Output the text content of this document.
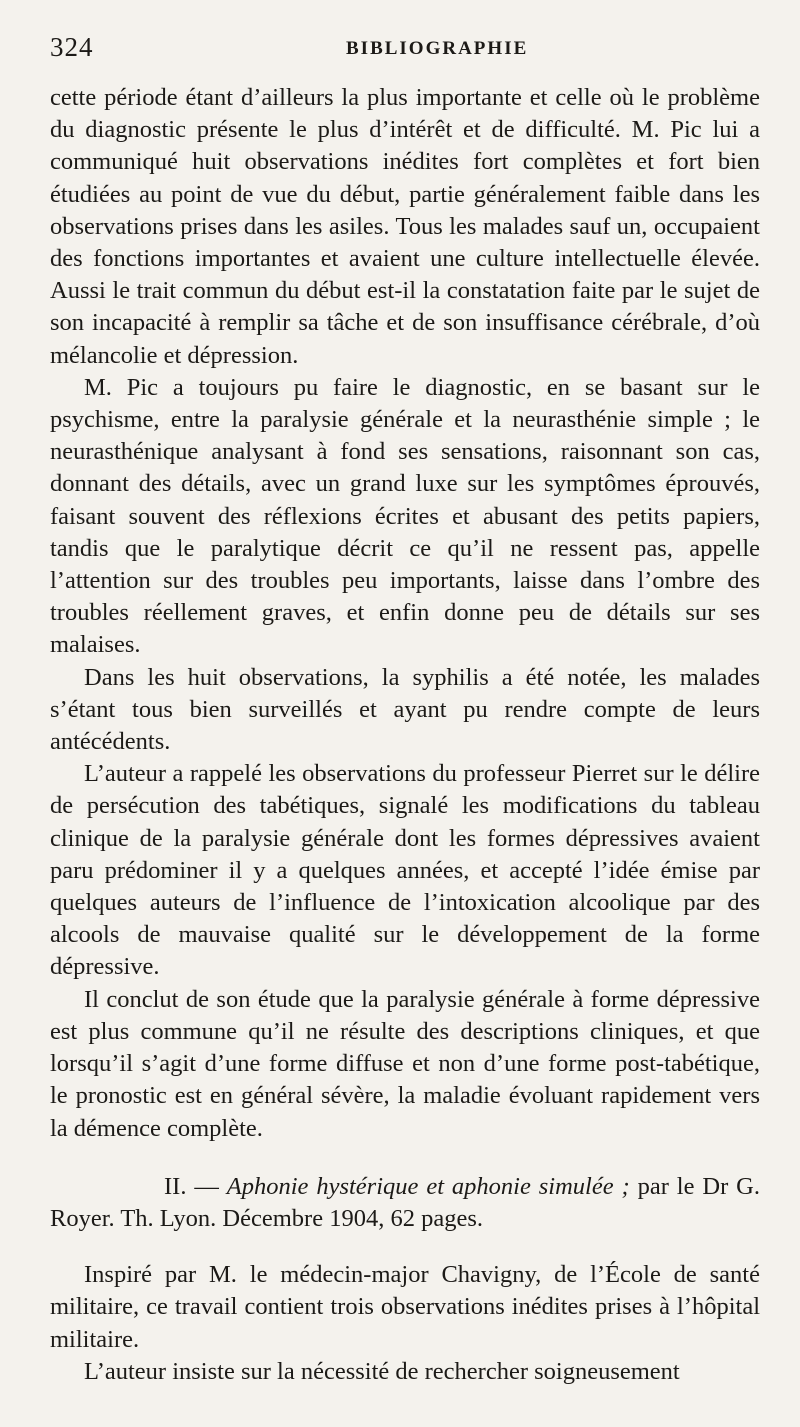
324	BIBLIOGRAPHIE

cette période étant d’ailleurs la plus importante et celle où le problème du diagnostic présente le plus d’intérêt et de difficulté. M. Pic lui a communiqué huit observations inédites fort complètes et fort bien étudiées au point de vue du début, partie généralement faible dans les observations prises dans les asiles. Tous les malades sauf un, occupaient des fonctions importantes et avaient une culture intellectuelle élevée. Aussi le trait commun du début est-il la constatation faite par le sujet de son incapacité à remplir sa tâche et de son insuffisance cérébrale, d’où mélancolie et dépression.

M. Pic a toujours pu faire le diagnostic, en se basant sur le psychisme, entre la paralysie générale et la neurasthénie simple ; le neurasthénique analysant à fond ses sensations, raisonnant son cas, donnant des détails, avec un grand luxe sur les symptômes éprouvés, faisant souvent des réflexions écrites et abusant des petits papiers, tandis que le paralytique décrit ce qu’il ne ressent pas, appelle l’attention sur des troubles peu importants, laisse dans l’ombre des troubles réellement graves, et enfin donne peu de détails sur ses malaises.

Dans les huit observations, la syphilis a été notée, les malades s’étant tous bien surveillés et ayant pu rendre compte de leurs antécédents.

L’auteur a rappelé les observations du professeur Pierret sur le délire de persécution des tabétiques, signalé les modifications du tableau clinique de la paralysie générale dont les formes dépressives avaient paru prédominer il y a quelques années, et accepté l’idée émise par quelques auteurs de l’influence de l’intoxication alcoolique par des alcools de mauvaise qualité sur le développement de la forme dépressive.

Il conclut de son étude que la paralysie générale à forme dépressive est plus commune qu’il ne résulte des descriptions cliniques, et que lorsqu’il s’agit d’une forme diffuse et non d’une forme post-tabétique, le pronostic est en général sévère, la maladie évoluant rapidement vers la démence complète.

II. — Aphonie hystérique et aphonie simulée ; par le Dr G. Royer. Th. Lyon. Décembre 1904, 62 pages.

Inspiré par M. le médecin-major Chavigny, de l’École de santé militaire, ce travail contient trois observations inédites prises à l’hôpital militaire.

L’auteur insiste sur la nécessité de rechercher soigneusement
